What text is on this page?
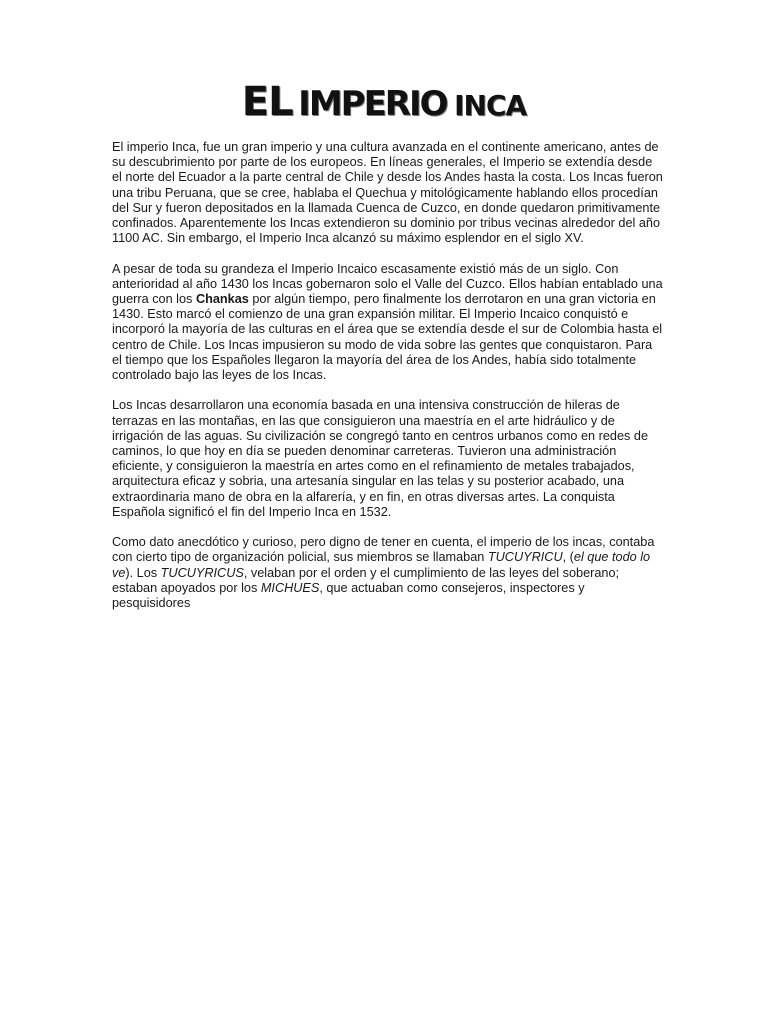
EL IMPERIO INCA

El imperio Inca, fue un gran imperio y una cultura avanzada en el continente americano, antes de su descubrimiento por parte de los europeos. En líneas generales, el Imperio se extendía desde el norte del Ecuador a la parte central de Chile y desde los Andes hasta la costa. Los Incas fueron una tribu Peruana, que se cree, hablaba el Quechua y mitológicamente hablando ellos procedían del Sur y fueron depositados en la llamada Cuenca de Cuzco, en donde quedaron primitivamente confinados. Aparentemente los Incas extendieron su dominio por tribus vecinas alrededor del año 1100 AC. Sin embargo, el Imperio Inca alcanzó su máximo esplendor en el siglo XV.

A pesar de toda su grandeza el Imperio Incaico escasamente existió más de un siglo. Con anterioridad al año 1430 los Incas gobernaron solo el Valle del Cuzco. Ellos habían entablado una guerra con los Chankas por algún tiempo, pero finalmente los derrotaron en una gran victoria en 1430. Esto marcó el comienzo de una gran expansión militar. El Imperio Incaico conquistó e incorporó la mayoría de las culturas en el área que se extendía desde el sur de Colombia hasta el centro de Chile. Los Incas impusieron su modo de vida sobre las gentes que conquistaron. Para el tiempo que los Españoles llegaron la mayoría del área de los Andes, había sido totalmente controlado bajo las leyes de los Incas.

Los Incas desarrollaron una economía basada en una intensiva construcción de hileras de terrazas en las montañas, en las que consiguieron una maestría en el arte hidráulico y de irrigación de las aguas. Su civilización se congregó tanto en centros urbanos como en redes de caminos, lo que hoy en día se pueden denominar carreteras. Tuvieron una administración eficiente, y consiguieron la maestría en artes como en el refinamiento de metales trabajados, arquitectura eficaz y sobria, una artesanía singular en las telas y su posterior acabado, una extraordinaria mano de obra en la alfarería, y en fin, en otras diversas artes. La conquista Española significó el fin del Imperio Inca en 1532.

Como dato anecdótico y curioso, pero digno de tener en cuenta, el imperio de los incas, contaba con cierto tipo de organización policial, sus miembros se llamaban TUCUYRICU, (el que todo lo ve). Los TUCUYRICUS, velaban por el orden y el cumplimiento de las leyes del soberano; estaban apoyados por los MICHUES, que actuaban como consejeros, inspectores y pesquisidores
